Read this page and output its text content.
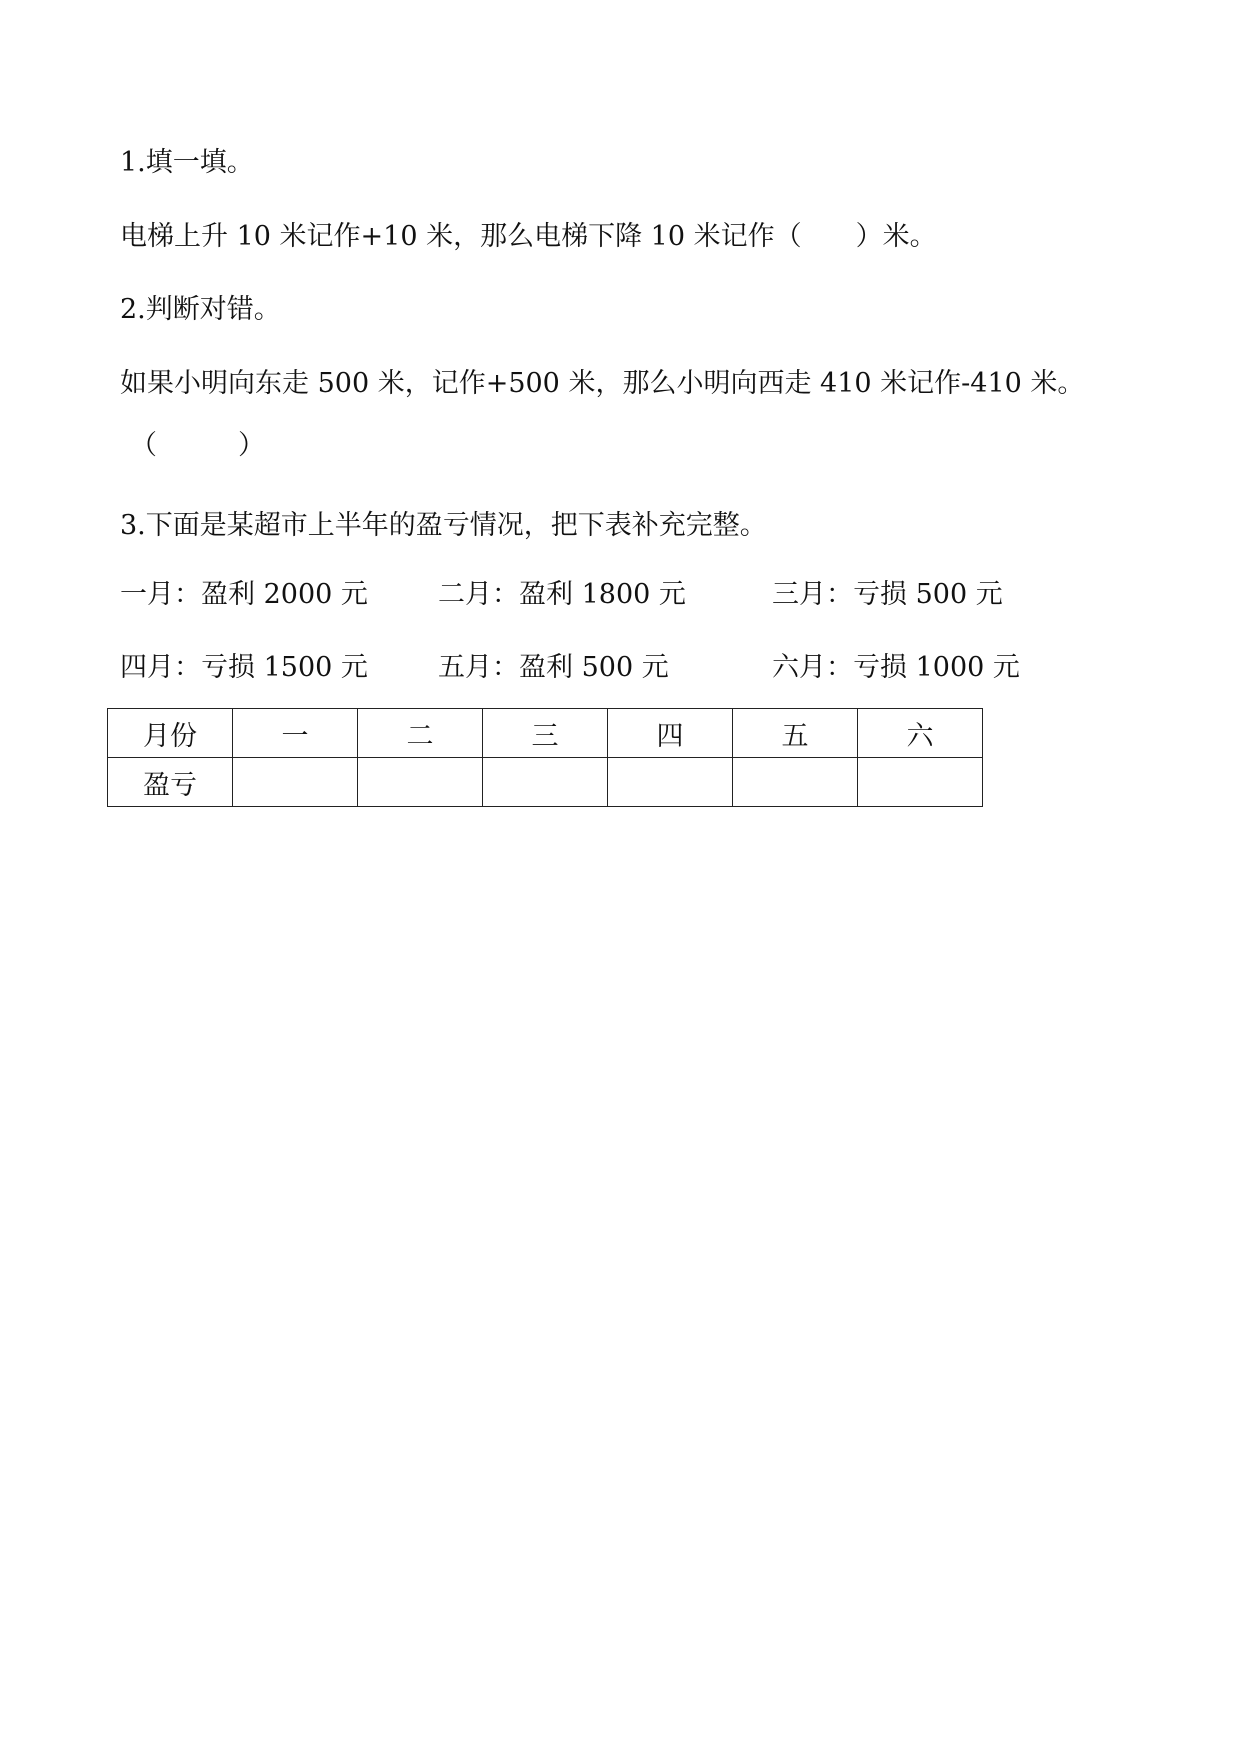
1.填一填。

电梯上升 10 米记作+10 米，那么电梯下降 10 米记作（　　）米。

2.判断对错。

如果小明向东走 500 米，记作+500 米，那么小明向西走 410 米记作-410 米。

（　　　）

3.下面是某超市上半年的盈亏情况，把下表补充完整。

一月：盈利 2000 元	二月：盈利 1800 元	三月：亏损 500 元
四月：亏损 1500 元	五月：盈利 500 元	六月：亏损 1000 元
月份	一	二	三	四	五	六
盈亏						
